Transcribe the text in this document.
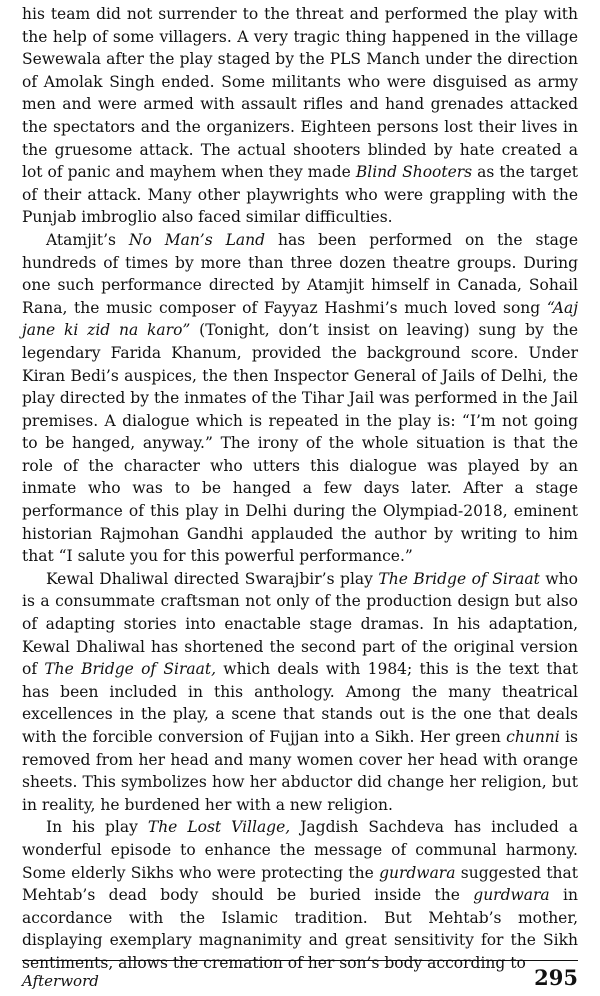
his team did not surrender to the threat and performed the play with the help of some villagers. A very tragic thing happened in the village Sewewala after the play staged by the PLS Manch under the direction of Amolak Singh ended. Some militants who were disguised as army men and were armed with assault rifles and hand grenades attacked the spectators and the organizers. Eighteen persons lost their lives in the gruesome attack. The actual shooters blinded by hate created a lot of panic and mayhem when they made Blind Shooters as the target of their attack. Many other playwrights who were grappling with the Punjab imbroglio also faced similar difficulties.

Atamjit’s No Man’s Land has been performed on the stage hundreds of times by more than three dozen theatre groups. During one such performance directed by Atamjit himself in Canada, Sohail Rana, the music composer of Fayyaz Hashmi’s much loved song “Aaj jane ki zid na karo” (Tonight, don’t insist on leaving) sung by the legendary Farida Khanum, provided the background score. Under Kiran Bedi’s auspices, the then Inspector General of Jails of Delhi, the play directed by the inmates of the Tihar Jail was performed in the Jail premises. A dialogue which is repeated in the play is: “I’m not going to be hanged, anyway.” The irony of the whole situation is that the role of the character who utters this dialogue was played by an inmate who was to be hanged a few days later. After a stage performance of this play in Delhi during the Olympiad-2018, eminent historian Rajmohan Gandhi applauded the author by writing to him that “I salute you for this powerful performance.”

Kewal Dhaliwal directed Swarajbir’s play The Bridge of Siraat who is a consummate craftsman not only of the production design but also of adapting stories into enactable stage dramas. In his adaptation, Kewal Dhaliwal has shortened the second part of the original version of The Bridge of Siraat, which deals with 1984; this is the text that has been included in this anthology. Among the many theatrical excellences in the play, a scene that stands out is the one that deals with the forcible conversion of Fujjan into a Sikh. Her green chunni is removed from her head and many women cover her head with orange sheets. This symbolizes how her abductor did change her religion, but in reality, he burdened her with a new religion.

In his play The Lost Village, Jagdish Sachdeva has included a wonderful episode to enhance the message of communal harmony. Some elderly Sikhs who were protecting the gurdwara suggested that Mehtab’s dead body should be buried inside the gurdwara in accordance with the Islamic tradition. But Mehtab’s mother, displaying exemplary magnanimity and great sensitivity for the Sikh sentiments, allows the cremation of her son’s body according to

Afterword	295
